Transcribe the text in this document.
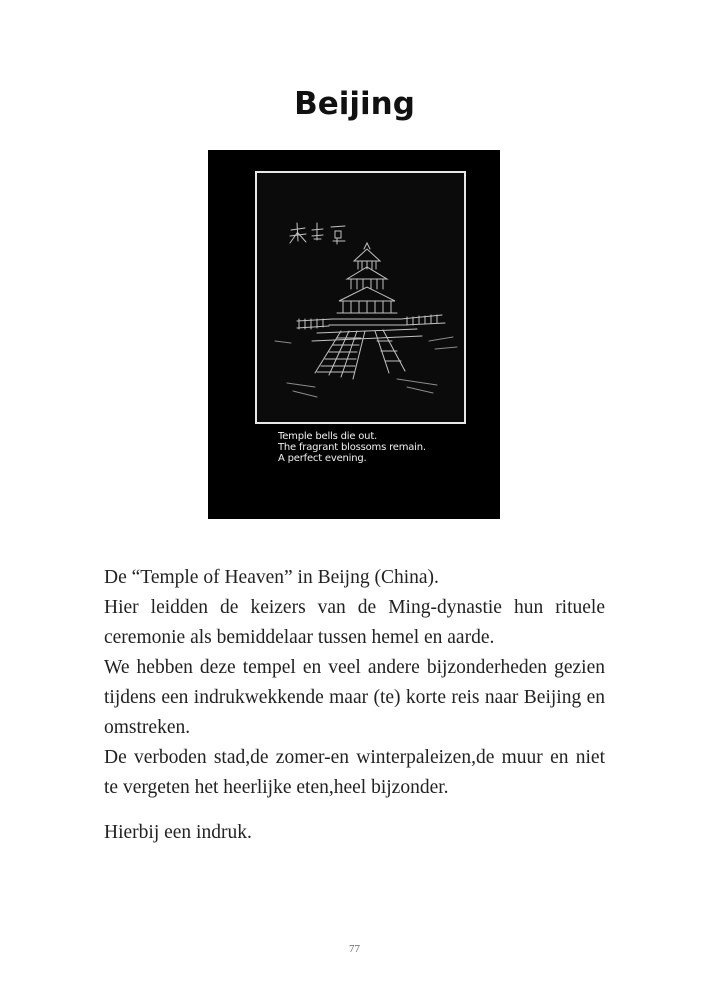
Beijing
Temple bells die out.
The fragrant blossoms remain.
A perfect evening.

De “Temple of Heaven” in Beijng (China).

Hier leidden de keizers van de Ming-dynastie hun rituele ceremonie als bemiddelaar tussen hemel en aarde.

We hebben deze tempel en veel andere bijzonderheden gezien tijdens een indrukwekkende maar (te) korte reis naar Beijing en omstreken.

De verboden stad,de zomer-en winterpaleizen,de muur en niet te vergeten het heerlijke eten,heel bijzonder.

Hierbij een indruk.

77
